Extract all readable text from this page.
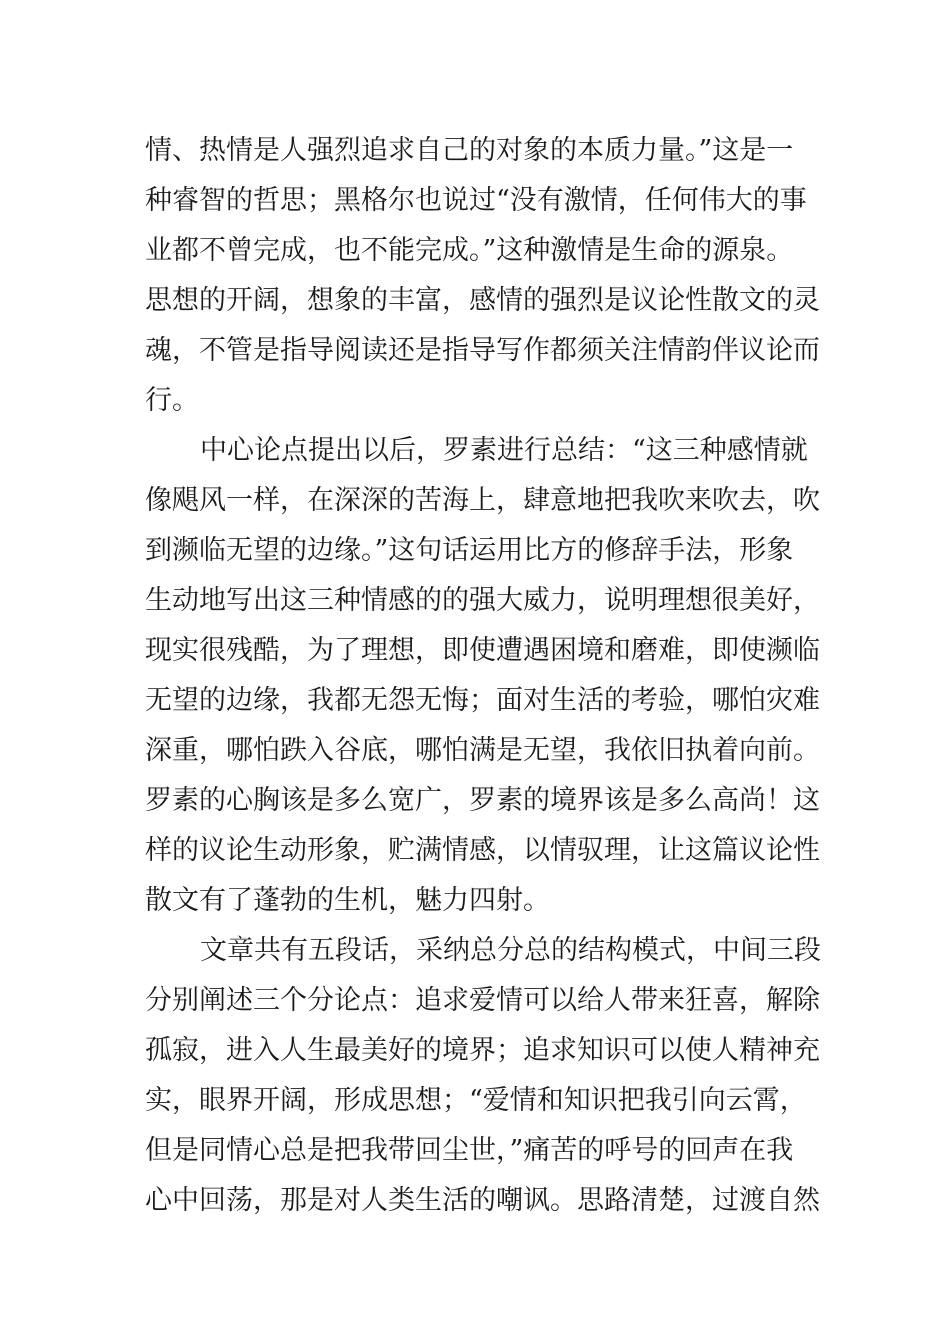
情、热情是人强烈追求自己的对象的本质力量。”这是一
种睿智的哲思；黑格尔也说过“没有激情，任何伟大的事
业都不曾完成，也不能完成。”这种激情是生命的源泉。
思想的开阔，想象的丰富，感情的强烈是议论性散文的灵
魂，不管是指导阅读还是指导写作都须关注情韵伴议论而
行。
中心论点提出以后，罗素进行总结：“这三种感情就
像飓风一样，在深深的苦海上，肆意地把我吹来吹去，吹
到濒临无望的边缘。”这句话运用比方的修辞手法，形象
生动地写出这三种情感的的强大威力，说明理想很美好，
现实很残酷，为了理想，即使遭遇困境和磨难，即使濒临
无望的边缘，我都无怨无悔；面对生活的考验，哪怕灾难
深重，哪怕跌入谷底，哪怕满是无望，我依旧执着向前。
罗素的心胸该是多么宽广，罗素的境界该是多么高尚！这
样的议论生动形象，贮满情感，以情驭理，让这篇议论性
散文有了蓬勃的生机，魅力四射。
文章共有五段话，采纳总分总的结构模式，中间三段
分别阐述三个分论点：追求爱情可以给人带来狂喜，解除
孤寂，进入人生最美好的境界；追求知识可以使人精神充
实，眼界开阔，形成思想；“爱情和知识把我引向云霄，
但是同情心总是把我带回尘世，”痛苦的呼号的回声在我
心中回荡，那是对人类生活的嘲讽。思路清楚，过渡自然
